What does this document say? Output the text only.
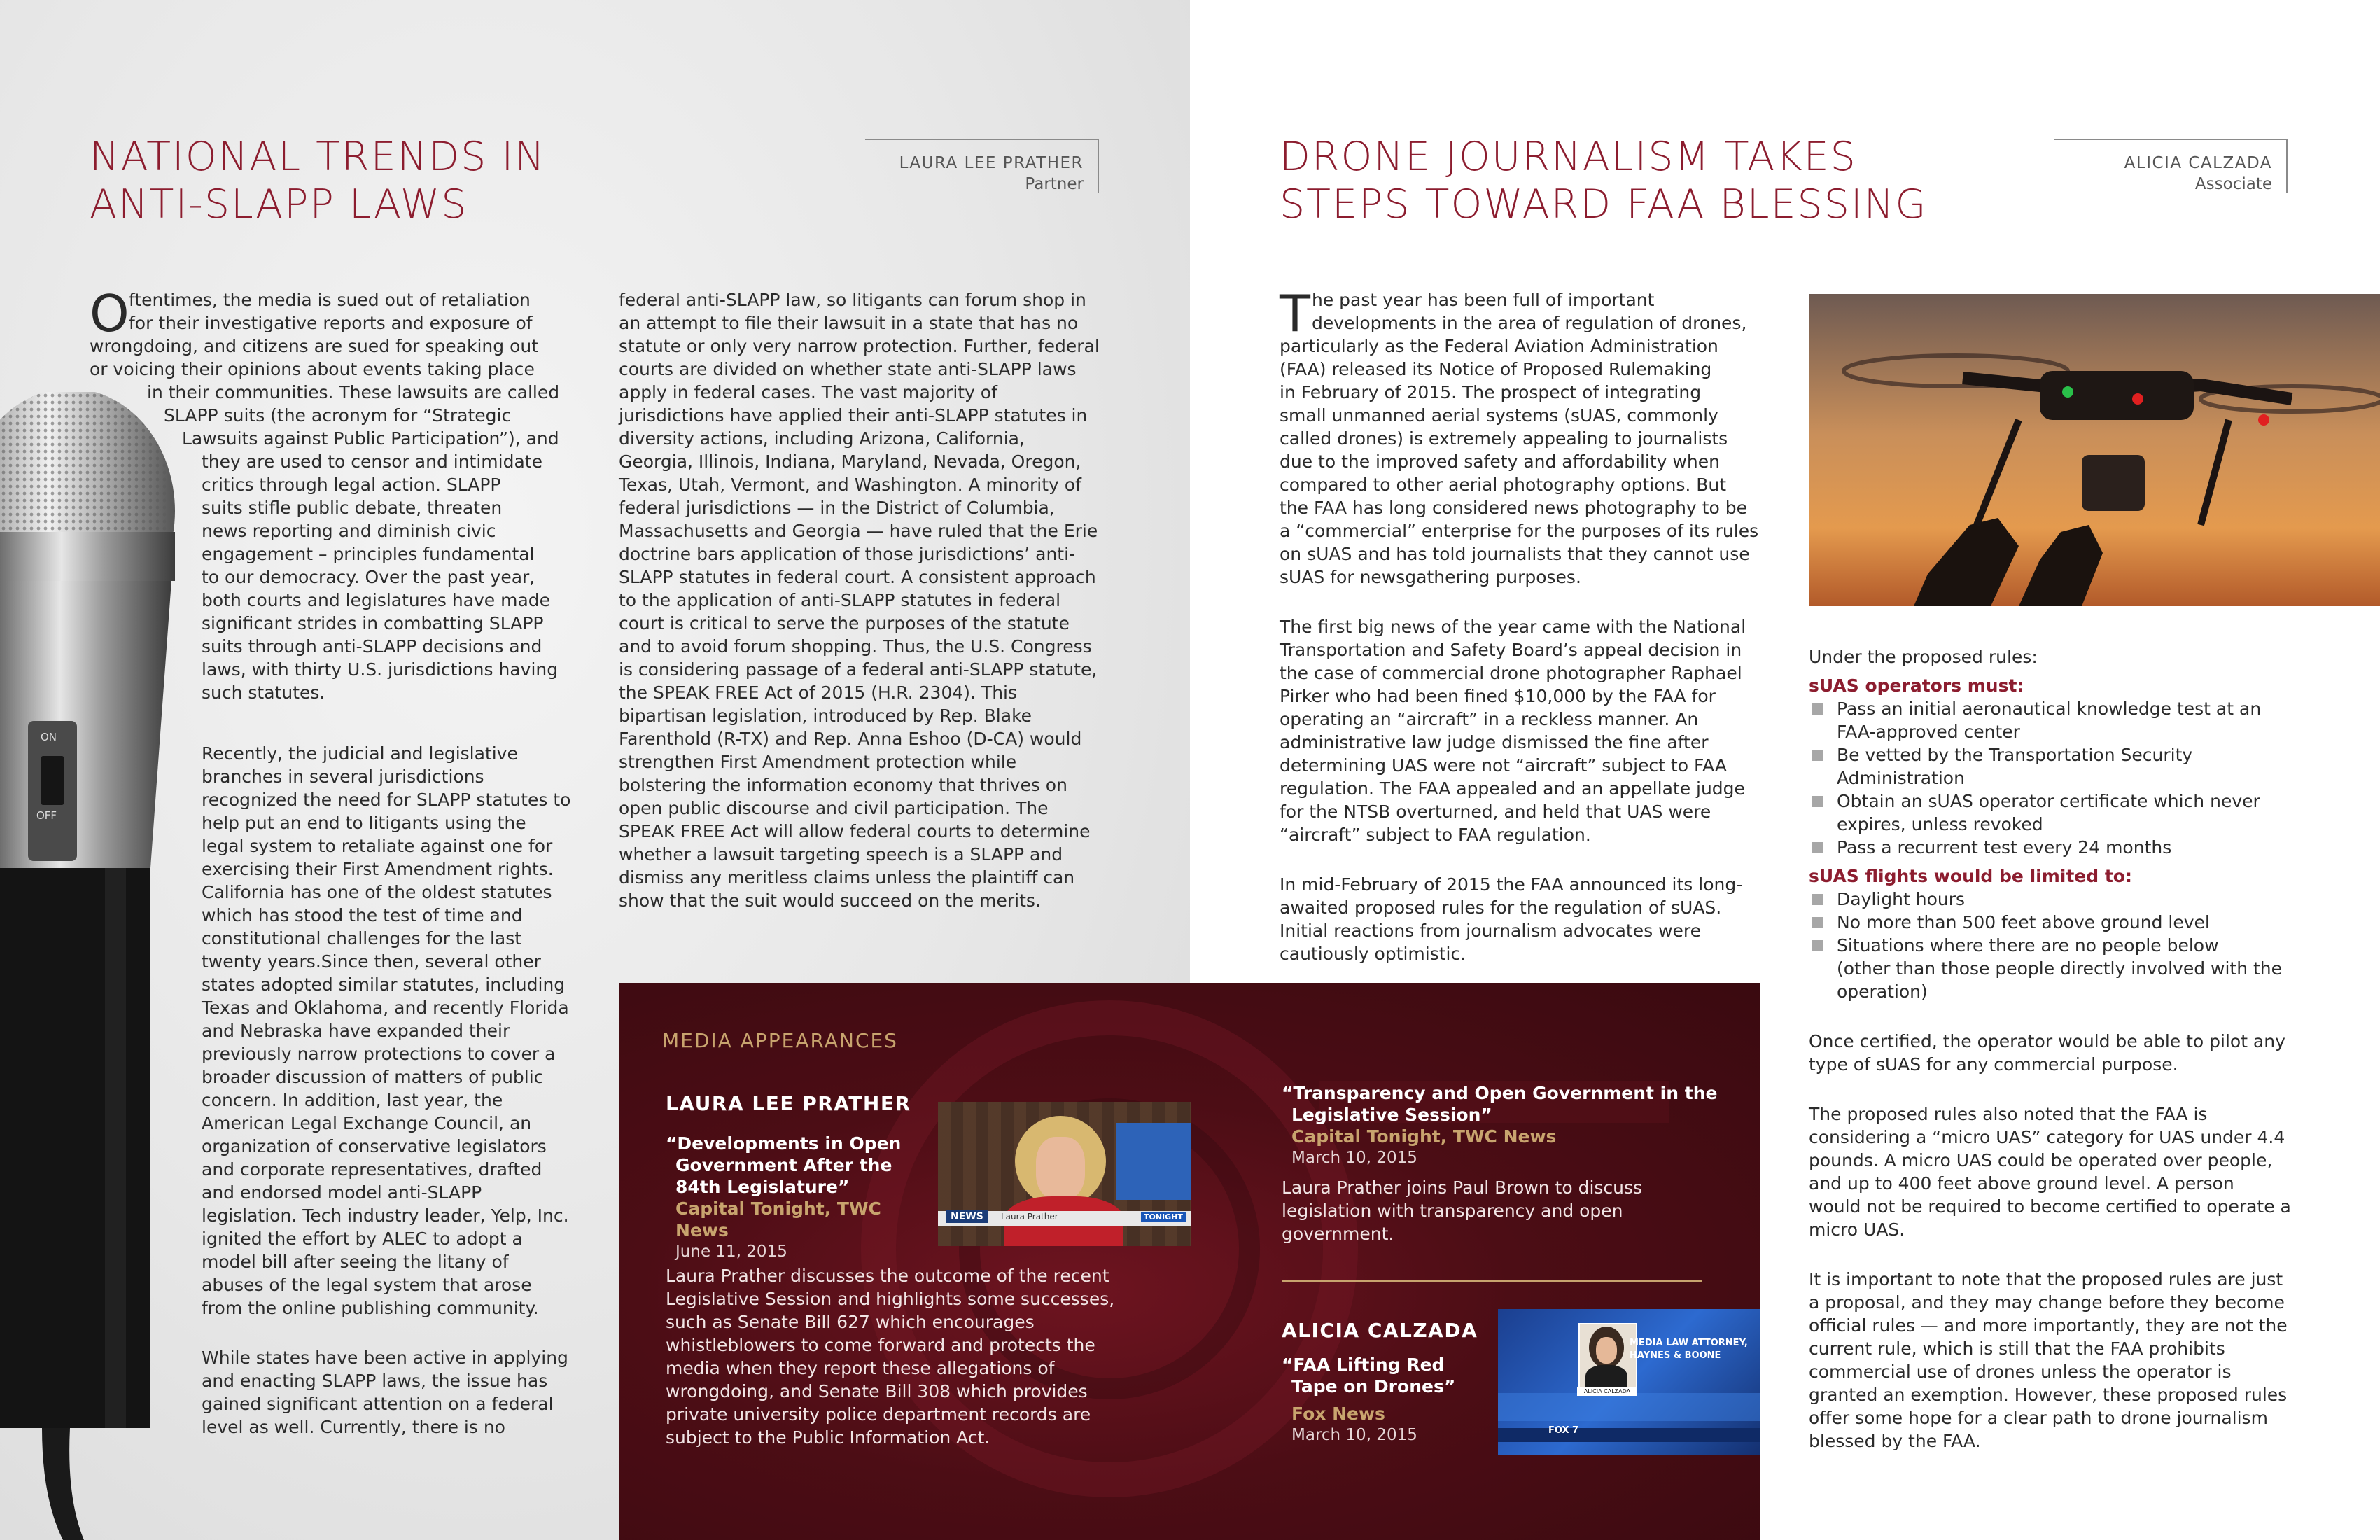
ON
OFF
NATIONAL TRENDS IN
ANTI-SLAPP LAWS
LAURA LEE PRATHER
Partner
O ftentimes, the media is sued out of retaliation
for their investigative reports and exposure of
wrongdoing, and citizens are sued for speaking out
or voicing their opinions about events taking place
in their communities. These lawsuits are called
SLAPP suits (the acronym for “Strategic
Lawsuits against Public Participation”), and
they are used to censor and intimidate
critics through legal action. SLAPP
suits stifle public debate, threaten
news reporting and diminish civic
engagement – principles fundamental
to our democracy. Over the past year,
both courts and legislatures have made
significant strides in combatting SLAPP
suits through anti-SLAPP decisions and
laws, with thirty U.S. jurisdictions having
such statutes.

Recently, the judicial and legislative branches in several jurisdictions recognized the need for SLAPP statutes to help put an end to litigants using the legal system to retaliate against one for exercising their First Amendment rights. California has one of the oldest statutes which has stood the test of time and constitutional challenges for the last twenty years.Since then, several other states adopted similar statutes, including Texas and Oklahoma, and recently Florida and Nebraska have expanded their previously narrow protections to cover a broader discussion of matters of public concern. In addition, last year, the American Legal Exchange Council, an organization of conservative legislators and corporate representatives, drafted and endorsed model anti-SLAPP legislation. Tech industry leader, Yelp, Inc. ignited the effort by ALEC to adopt a model bill after seeing the litany of abuses of the legal system that arose from the online publishing community.

While states have been active in applying and enacting SLAPP laws, the issue has gained significant attention on a federal level as well. Currently, there is no

federal anti-SLAPP law, so litigants can forum shop in an attempt to file their lawsuit in a state that has no statute or only very narrow protection. Further, federal courts are divided on whether state anti-SLAPP laws apply in federal cases. The vast majority of jurisdictions have applied their anti-SLAPP statutes in diversity actions, including Arizona, California, Georgia, Illinois, Indiana, Maryland, Nevada, Oregon, Texas, Utah, Vermont, and Washington. A minority of federal jurisdictions — in the District of Columbia, Massachusetts and Georgia — have ruled that the Erie doctrine bars application of those jurisdictions’ anti-SLAPP statutes in federal court. A consistent approach to the application of anti-SLAPP statutes in federal court is critical to serve the purposes of the statute and to avoid forum shopping. Thus, the U.S. Congress is considering passage of a federal anti-SLAPP statute, the SPEAK FREE Act of 2015 (H.R. 2304). This bipartisan legislation, introduced by Rep. Blake Farenthold (R-TX) and Rep. Anna Eshoo (D-CA) would strengthen First Amendment protection while bolstering the information economy that thrives on open public discourse and civil participation. The SPEAK FREE Act will allow federal courts to determine whether a lawsuit targeting speech is a SLAPP and dismiss any meritless claims unless the plaintiff can show that the suit would succeed on the merits.

MEDIA APPEARANCES
LAURA LEE PRATHER
“Developments in Open
Government After the
84th Legislature”
Capital Tonight, TWC News
June 11, 2015
NEWS	Laura Prather	TONIGHT
Laura Prather discusses the outcome of the recent Legislative Session and highlights some successes, such as Senate Bill 627 which encourages whistleblowers to come forward and protects the media when they report these allegations of wrongdoing, and Senate Bill 308 which provides private university police department records are subject to the Public Information Act.
“Transparency and Open Government in the
Legislative Session”
Capital Tonight, TWC News
March 10, 2015
Laura Prather joins Paul Brown to discuss legislation with transparency and open government.
ALICIA CALZADA
“FAA Lifting Red
Tape on Drones”
Fox News
March 10, 2015
ALICIA CALZADA
MEDIA LAW ATTORNEY,
HAYNES & BOONE
FOX 7
DRONE JOURNALISM TAKES
STEPS TOWARD FAA BLESSING
ALICIA CALZADA
Associate
T he past year has been full of important
developments in the area of regulation of drones,
particularly as the Federal Aviation Administration
(FAA) released its Notice of Proposed Rulemaking
in February of 2015. The prospect of integrating
small unmanned aerial systems (sUAS, commonly
called drones) is extremely appealing to journalists
due to the improved safety and affordability when
compared to other aerial photography options. But
the FAA has long considered news photography to be
a “commercial” enterprise for the purposes of its rules
on sUAS and has told journalists that they cannot use
sUAS for newsgathering purposes.

The first big news of the year came with the National Transportation and Safety Board’s appeal decision in the case of commercial drone photographer Raphael Pirker who had been fined $10,000 by the FAA for operating an “aircraft” in a reckless manner. An administrative law judge dismissed the fine after determining UAS were not “aircraft” subject to FAA regulation. The FAA appealed and an appellate judge for the NTSB overturned, and held that UAS were “aircraft” subject to FAA regulation.

In mid-February of 2015 the FAA announced its long-awaited proposed rules for the regulation of sUAS. Initial reactions from journalism advocates were cautiously optimistic.

Under the proposed rules:
sUAS operators must:
Pass an initial aeronautical knowledge test at an
FAA-approved center
Be vetted by the Transportation Security
Administration
Obtain an sUAS operator certificate which never
expires, unless revoked
Pass a recurrent test every 24 months
sUAS flights would be limited to:
Daylight hours
No more than 500 feet above ground level
Situations where there are no people below
(other than those people directly involved with the
operation)

Once certified, the operator would be able to pilot any type of sUAS for any commercial purpose.

The proposed rules also noted that the FAA is considering a “micro UAS” category for UAS under 4.4 pounds. A micro UAS could be operated over people, and up to 400 feet above ground level. A person would not be required to become certified to operate a micro UAS.

It is important to note that the proposed rules are just a proposal, and they may change before they become official rules — and more importantly, they are not the current rule, which is still that the FAA prohibits commercial use of drones unless the operator is granted an exemption. However, these proposed rules offer some hope for a clear path to drone journalism blessed by the FAA.
